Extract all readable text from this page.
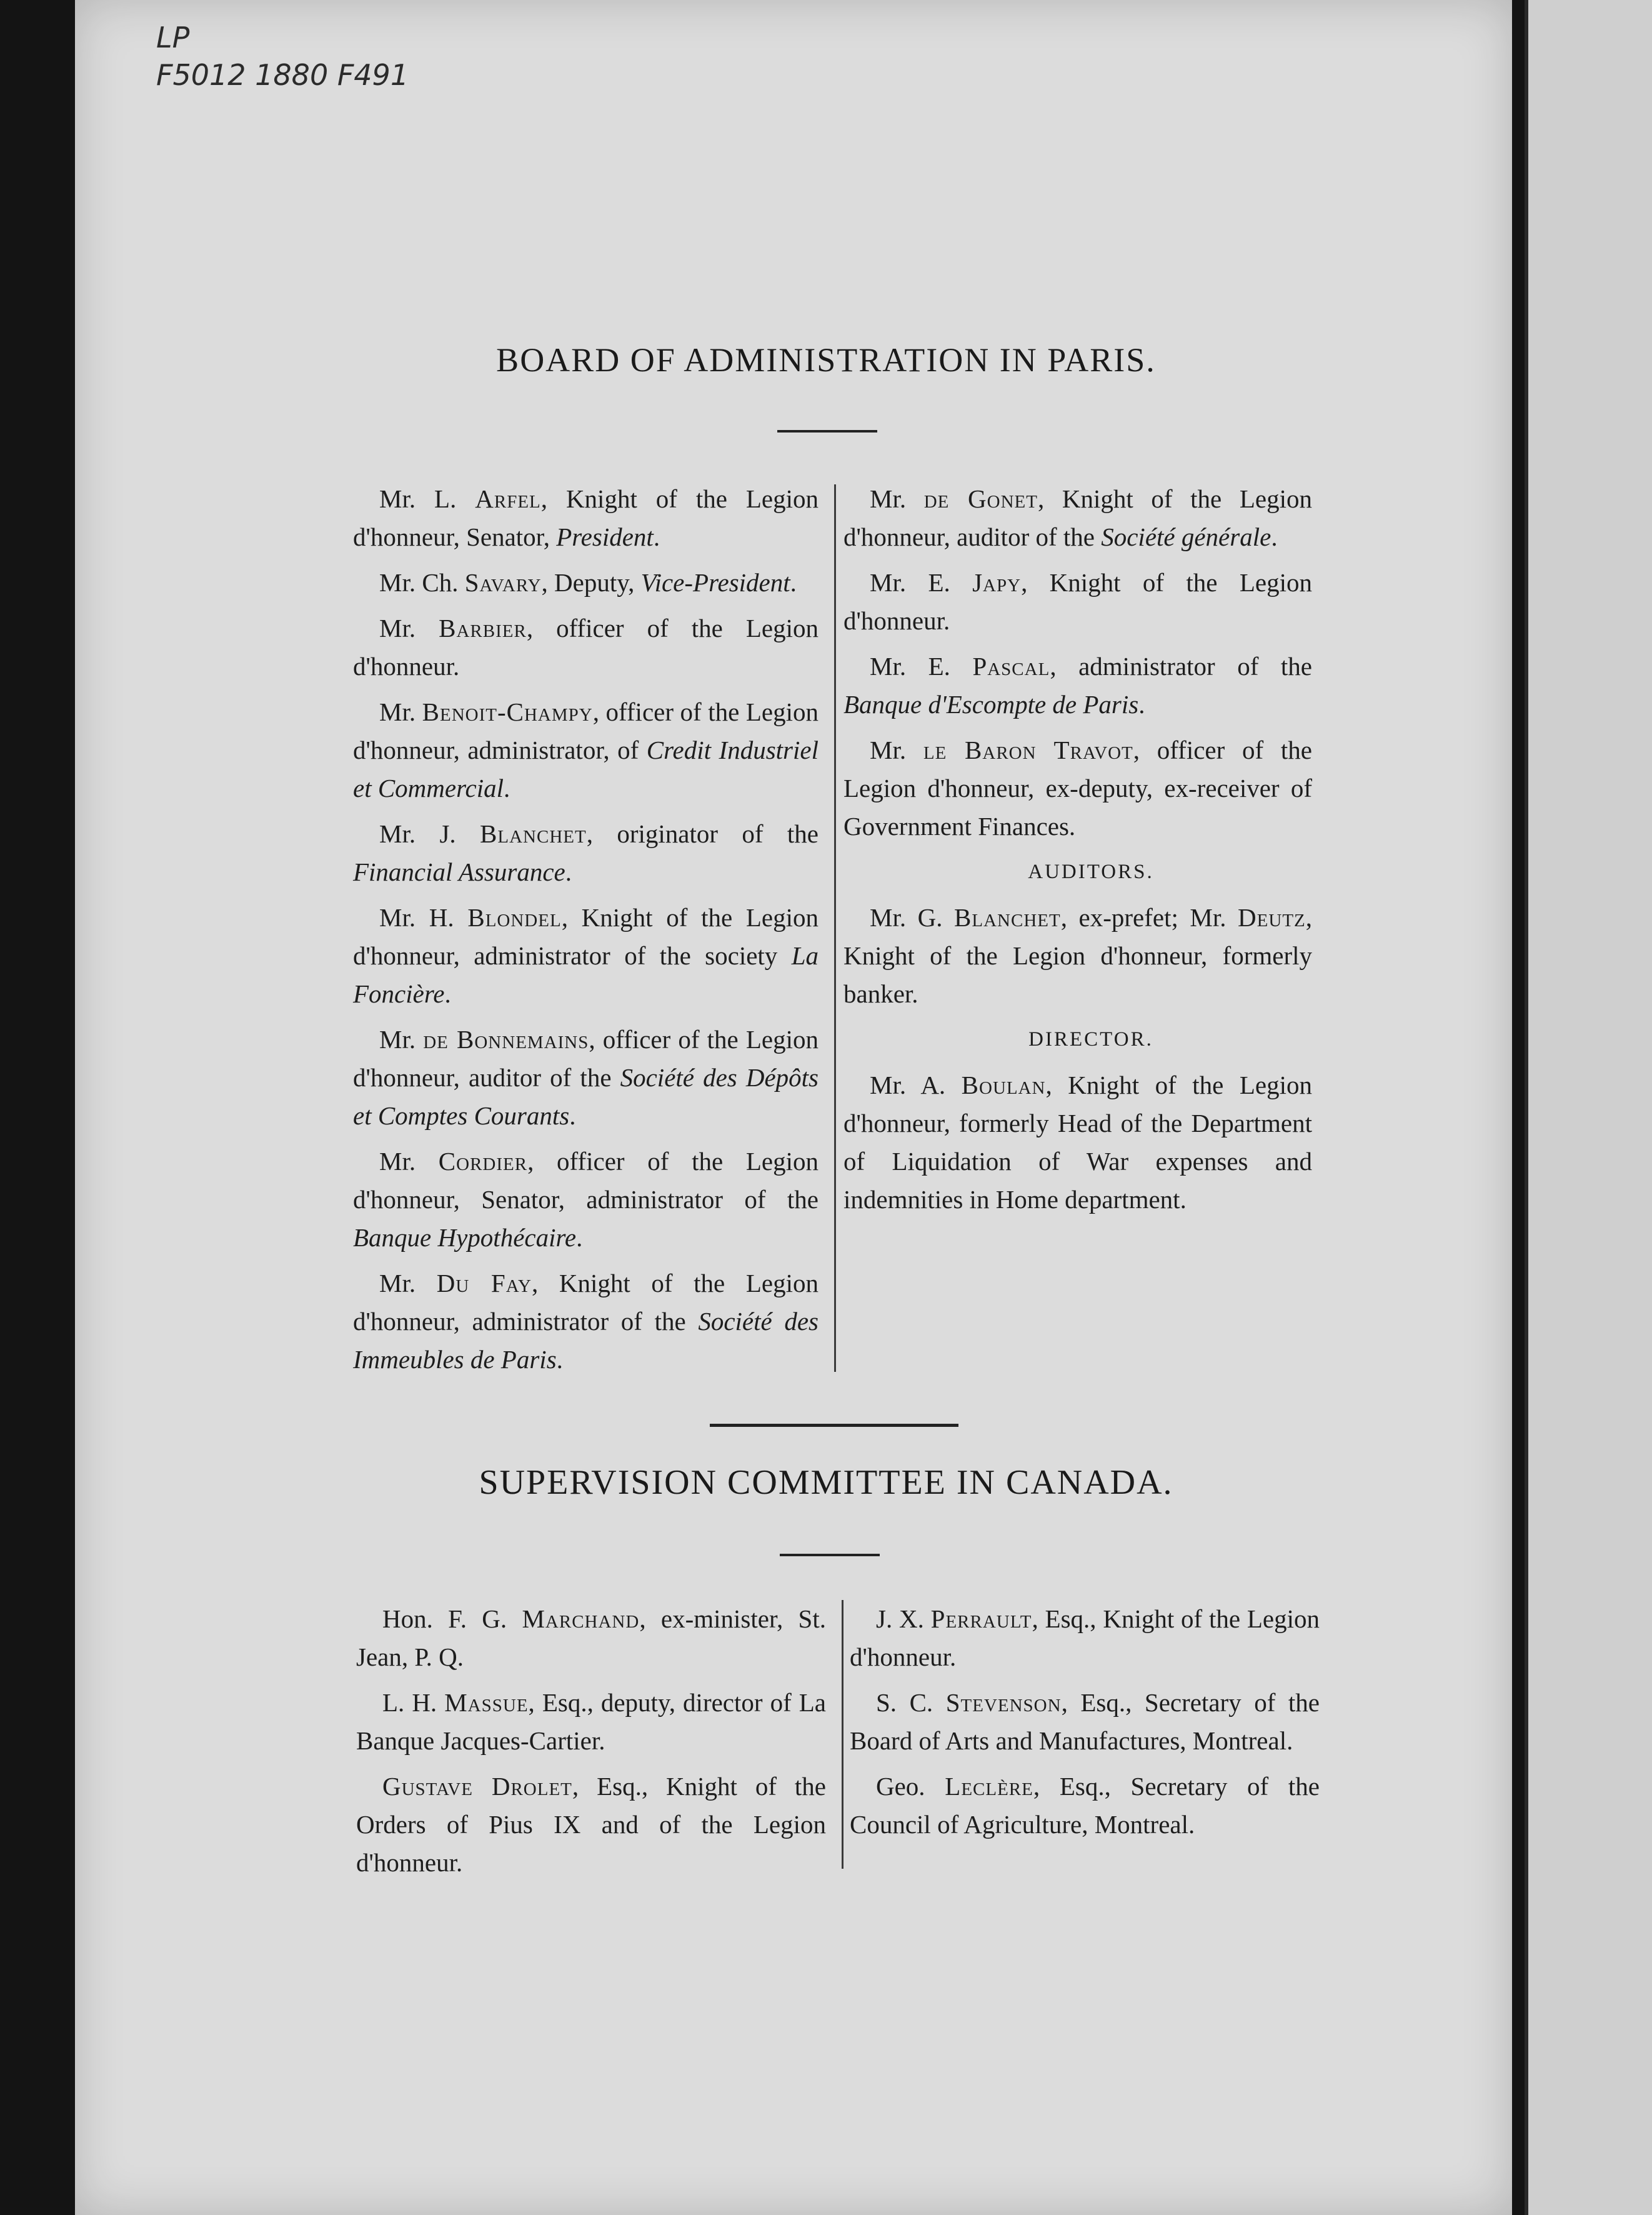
LP
F5012 1880 F491
BOARD OF ADMINISTRATION IN PARIS.

Mr. L. Arfel, Knight of the Legion d'honneur, Senator, President.

Mr. Ch. Savary, Deputy, Vice-President.

Mr. Barbier, officer of the Legion d'honneur.

Mr. Benoit-Champy, officer of the Legion d'honneur, administrator, of Credit Industriel et Commercial.

Mr. J. Blanchet, originator of the Financial Assurance.

Mr. H. Blondel, Knight of the Legion d'honneur, administrator of the society La Foncière.

Mr. de Bonnemains, officer of the Legion d'honneur, auditor of the Société des Dépôts et Comptes Courants.

Mr. Cordier, officer of the Legion d'honneur, Senator, administrator of the Banque Hypothécaire.

Mr. Du Fay, Knight of the Legion d'honneur, administrator of the Société des Immeubles de Paris.

Mr. de Gonet, Knight of the Legion d'honneur, auditor of the Société générale.

Mr. E. Japy, Knight of the Legion d'honneur.

Mr. E. Pascal, administrator of the Banque d'Escompte de Paris.

Mr. le Baron Travot, officer of the Legion d'honneur, ex-deputy, ex-receiver of Government Finances.

AUDITORS.

Mr. G. Blanchet, ex-prefet; Mr. Deutz, Knight of the Legion d'honneur, formerly banker.

DIRECTOR.

Mr. A. Boulan, Knight of the Legion d'honneur, formerly Head of the Department of Liquidation of War expenses and indemnities in Home department.

SUPERVISION COMMITTEE IN CANADA.

Hon. F. G. Marchand, ex-minister, St. Jean, P. Q.

L. H. Massue, Esq., deputy, director of La Banque Jacques-Cartier.

Gustave Drolet, Esq., Knight of the Orders of Pius IX and of the Legion d'honneur.

J. X. Perrault, Esq., Knight of the Legion d'honneur.

S. C. Stevenson, Esq., Secretary of the Board of Arts and Manufactures, Montreal.

Geo. Leclère, Esq., Secretary of the Council of Agriculture, Montreal.
